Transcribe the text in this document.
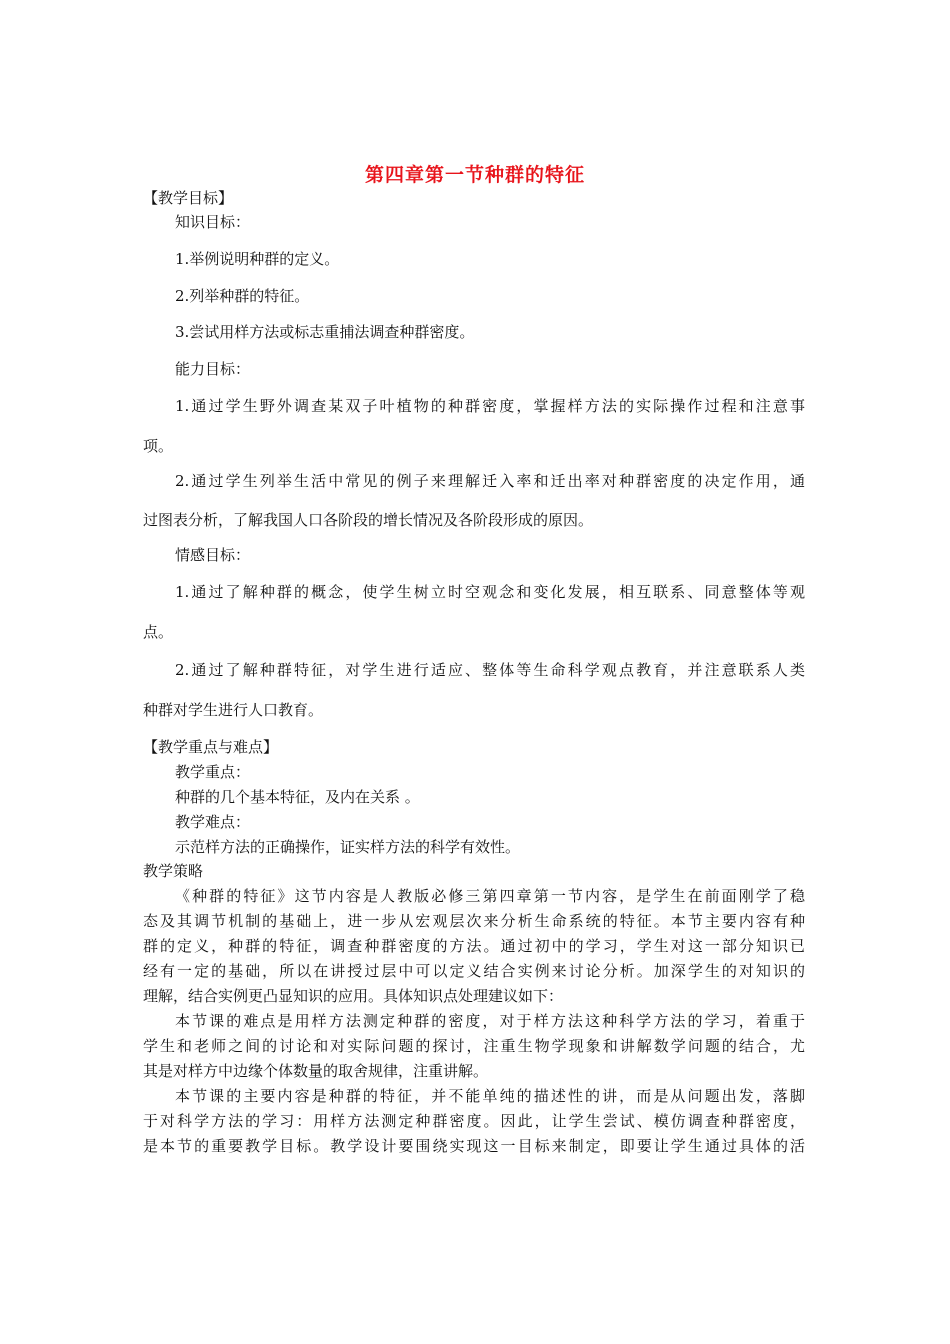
第四章第一节种群的特征
【教学目标】
知识目标：
1.举例说明种群的定义。
2.列举种群的特征。
3.尝试用样方法或标志重捕法调查种群密度。
能力目标：
1.通过学生野外调查某双子叶植物的种群密度，掌握样方法的实际操作过程和注意事
项。
2.通过学生列举生活中常见的例子来理解迁入率和迁出率对种群密度的决定作用，通
过图表分析，了解我国人口各阶段的增长情况及各阶段形成的原因。
情感目标：
1.通过了解种群的概念，使学生树立时空观念和变化发展，相互联系、同意整体等观
点。
2.通过了解种群特征，对学生进行适应、整体等生命科学观点教育，并注意联系人类
种群对学生进行人口教育。
【教学重点与难点】
教学重点：
种群的几个基本特征，及内在关系 。
教学难点：
示范样方法的正确操作，证实样方法的科学有效性。
教学策略
《种群的特征》这节内容是人教版必修三第四章第一节内容，是学生在前面刚学了稳
态及其调节机制的基础上，进一步从宏观层次来分析生命系统的特征。本节主要内容有种
群的定义，种群的特征，调查种群密度的方法。通过初中的学习，学生对这一部分知识已
经有一定的基础，所以在讲授过层中可以定义结合实例来讨论分析。加深学生的对知识的
理解，结合实例更凸显知识的应用。具体知识点处理建议如下：
本节课的难点是用样方法测定种群的密度，对于样方法这种科学方法的学习，着重于
学生和老师之间的讨论和对实际问题的探讨，注重生物学现象和讲解数学问题的结合，尤
其是对样方中边缘个体数量的取舍规律，注重讲解。
本节课的主要内容是种群的特征，并不能单纯的描述性的讲，而是从问题出发，落脚
于对科学方法的学习：用样方法测定种群密度。因此，让学生尝试、模仿调查种群密度，
是本节的重要教学目标。教学设计要围绕实现这一目标来制定，即要让学生通过具体的活
